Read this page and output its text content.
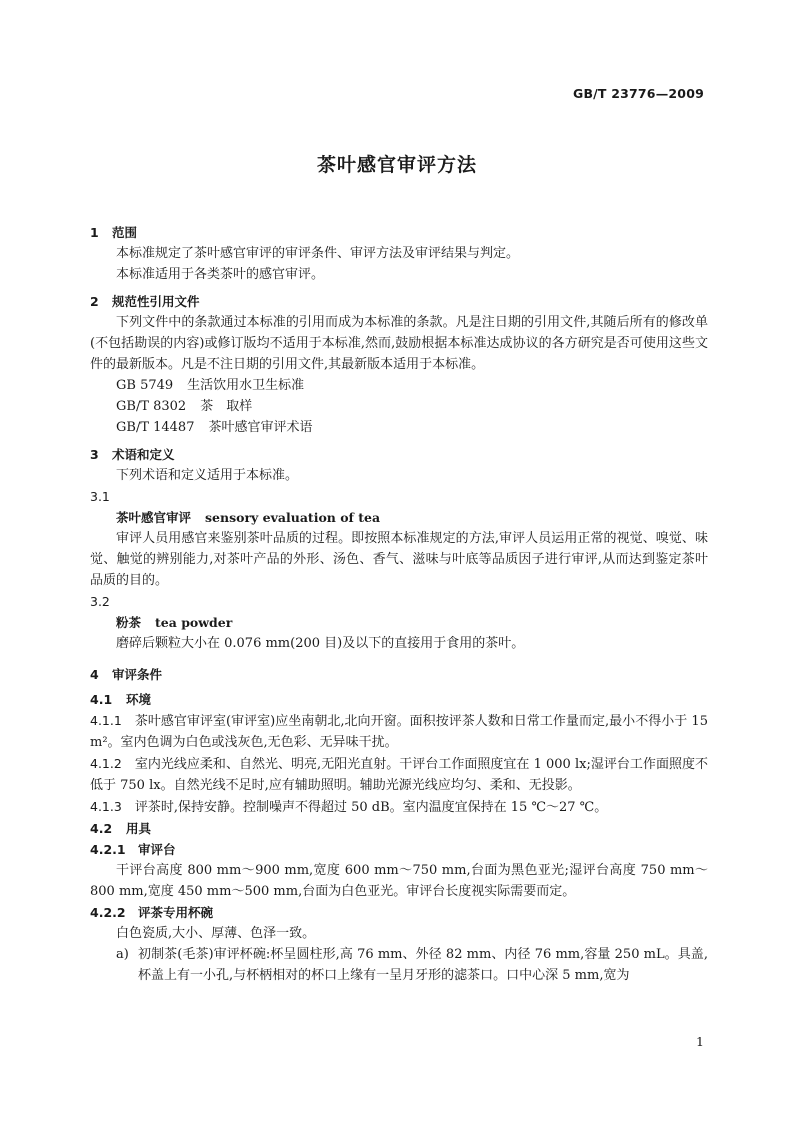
GB/T 23776—2009
茶叶感官审评方法
1 范围
本标准规定了茶叶感官审评的审评条件、审评方法及审评结果与判定。
本标准适用于各类茶叶的感官审评。
2 规范性引用文件
下列文件中的条款通过本标准的引用而成为本标准的条款。凡是注日期的引用文件,其随后所有的修改单(不包括勘误的内容)或修订版均不适用于本标准,然而,鼓励根据本标准达成协议的各方研究是否可使用这些文件的最新版本。凡是不注日期的引用文件,其最新版本适用于本标准。
GB 5749 生活饮用水卫生标准
GB/T 8302 茶　取样
GB/T 14487 茶叶感官审评术语
3 术语和定义
下列术语和定义适用于本标准。
3.1
茶叶感官审评 sensory evaluation of tea
审评人员用感官来鉴别茶叶品质的过程。即按照本标准规定的方法,审评人员运用正常的视觉、嗅觉、味觉、触觉的辨别能力,对茶叶产品的外形、汤色、香气、滋味与叶底等品质因子进行审评,从而达到鉴定茶叶品质的目的。
3.2
粉茶 tea powder
磨碎后颗粒大小在 0.076 mm(200 目)及以下的直接用于食用的茶叶。
4 审评条件
4.1 环境
4.1.1　 茶叶感官审评室(审评室)应坐南朝北,北向开窗。面积按评茶人数和日常工作量而定,最小不得小于 15 m²。室内色调为白色或浅灰色,无色彩、无异味干扰。
4.1.2　 室内光线应柔和、自然光、明亮,无阳光直射。干评台工作面照度宜在 1 000 lx;湿评台工作面照度不低于 750 lx。自然光线不足时,应有辅助照明。辅助光源光线应均匀、柔和、无投影。
4.1.3　 评茶时,保持安静。控制噪声不得超过 50 dB。室内温度宜保持在 15 ℃～27 ℃。
4.2 用具
4.2.1 审评台
干评台高度 800 mm～900 mm,宽度 600 mm～750 mm,台面为黑色亚光;湿评台高度 750 mm～800 mm,宽度 450 mm～500 mm,台面为白色亚光。审评台长度视实际需要而定。
4.2.2 评茶专用杯碗
白色瓷质,大小、厚薄、色泽一致。
a) 初制茶(毛茶)审评杯碗:杯呈圆柱形,高 76 mm、外径 82 mm、内径 76 mm,容量 250 mL。具盖,杯盖上有一小孔,与杯柄相对的杯口上缘有一呈月牙形的滤茶口。口中心深 5 mm,宽为
1
